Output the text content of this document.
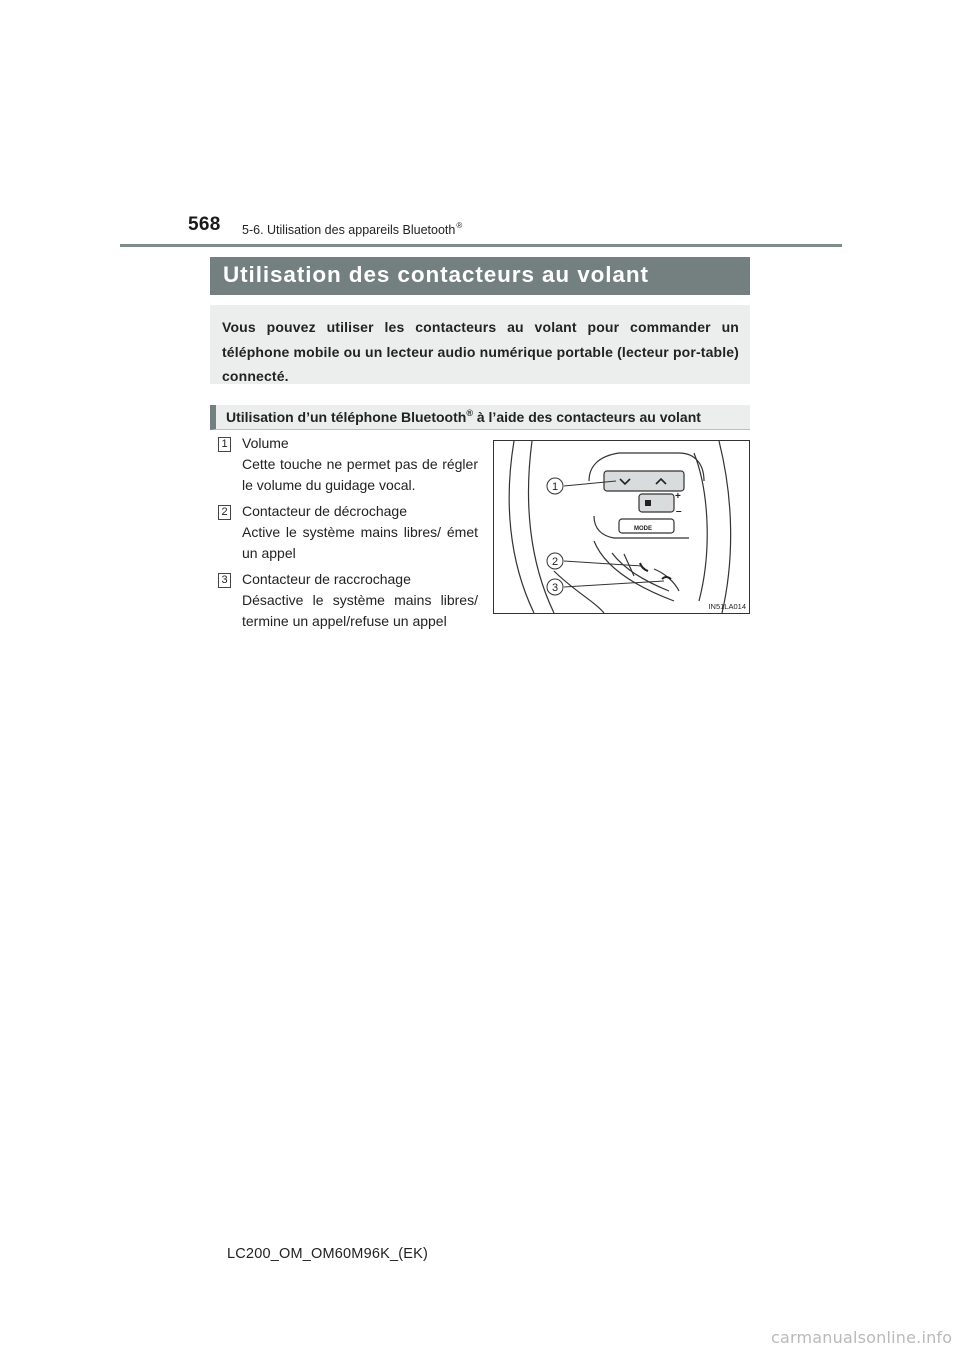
568 5-6. Utilisation des appareils Bluetooth®
Utilisation des contacteurs au volant
Vous pouvez utiliser les contacteurs au volant pour commander un téléphone mobile ou un lecteur audio numérique portable (lecteur por-table) connecté.
Utilisation d’un téléphone Bluetooth® à l’aide des contacteurs au volant
1 Volume
Cette touche ne permet pas de régler le volume du guidage vocal.
2 Contacteur de décrochage
Active le système mains libres/ émet un appel
3 Contacteur de raccrochage
Désactive le système mains libres/ termine un appel/refuse un appel
+
–
MODE
1
2
3
IN51LA014
LC200_OM_OM60M96K_(EK)
carmanualsonline.info
